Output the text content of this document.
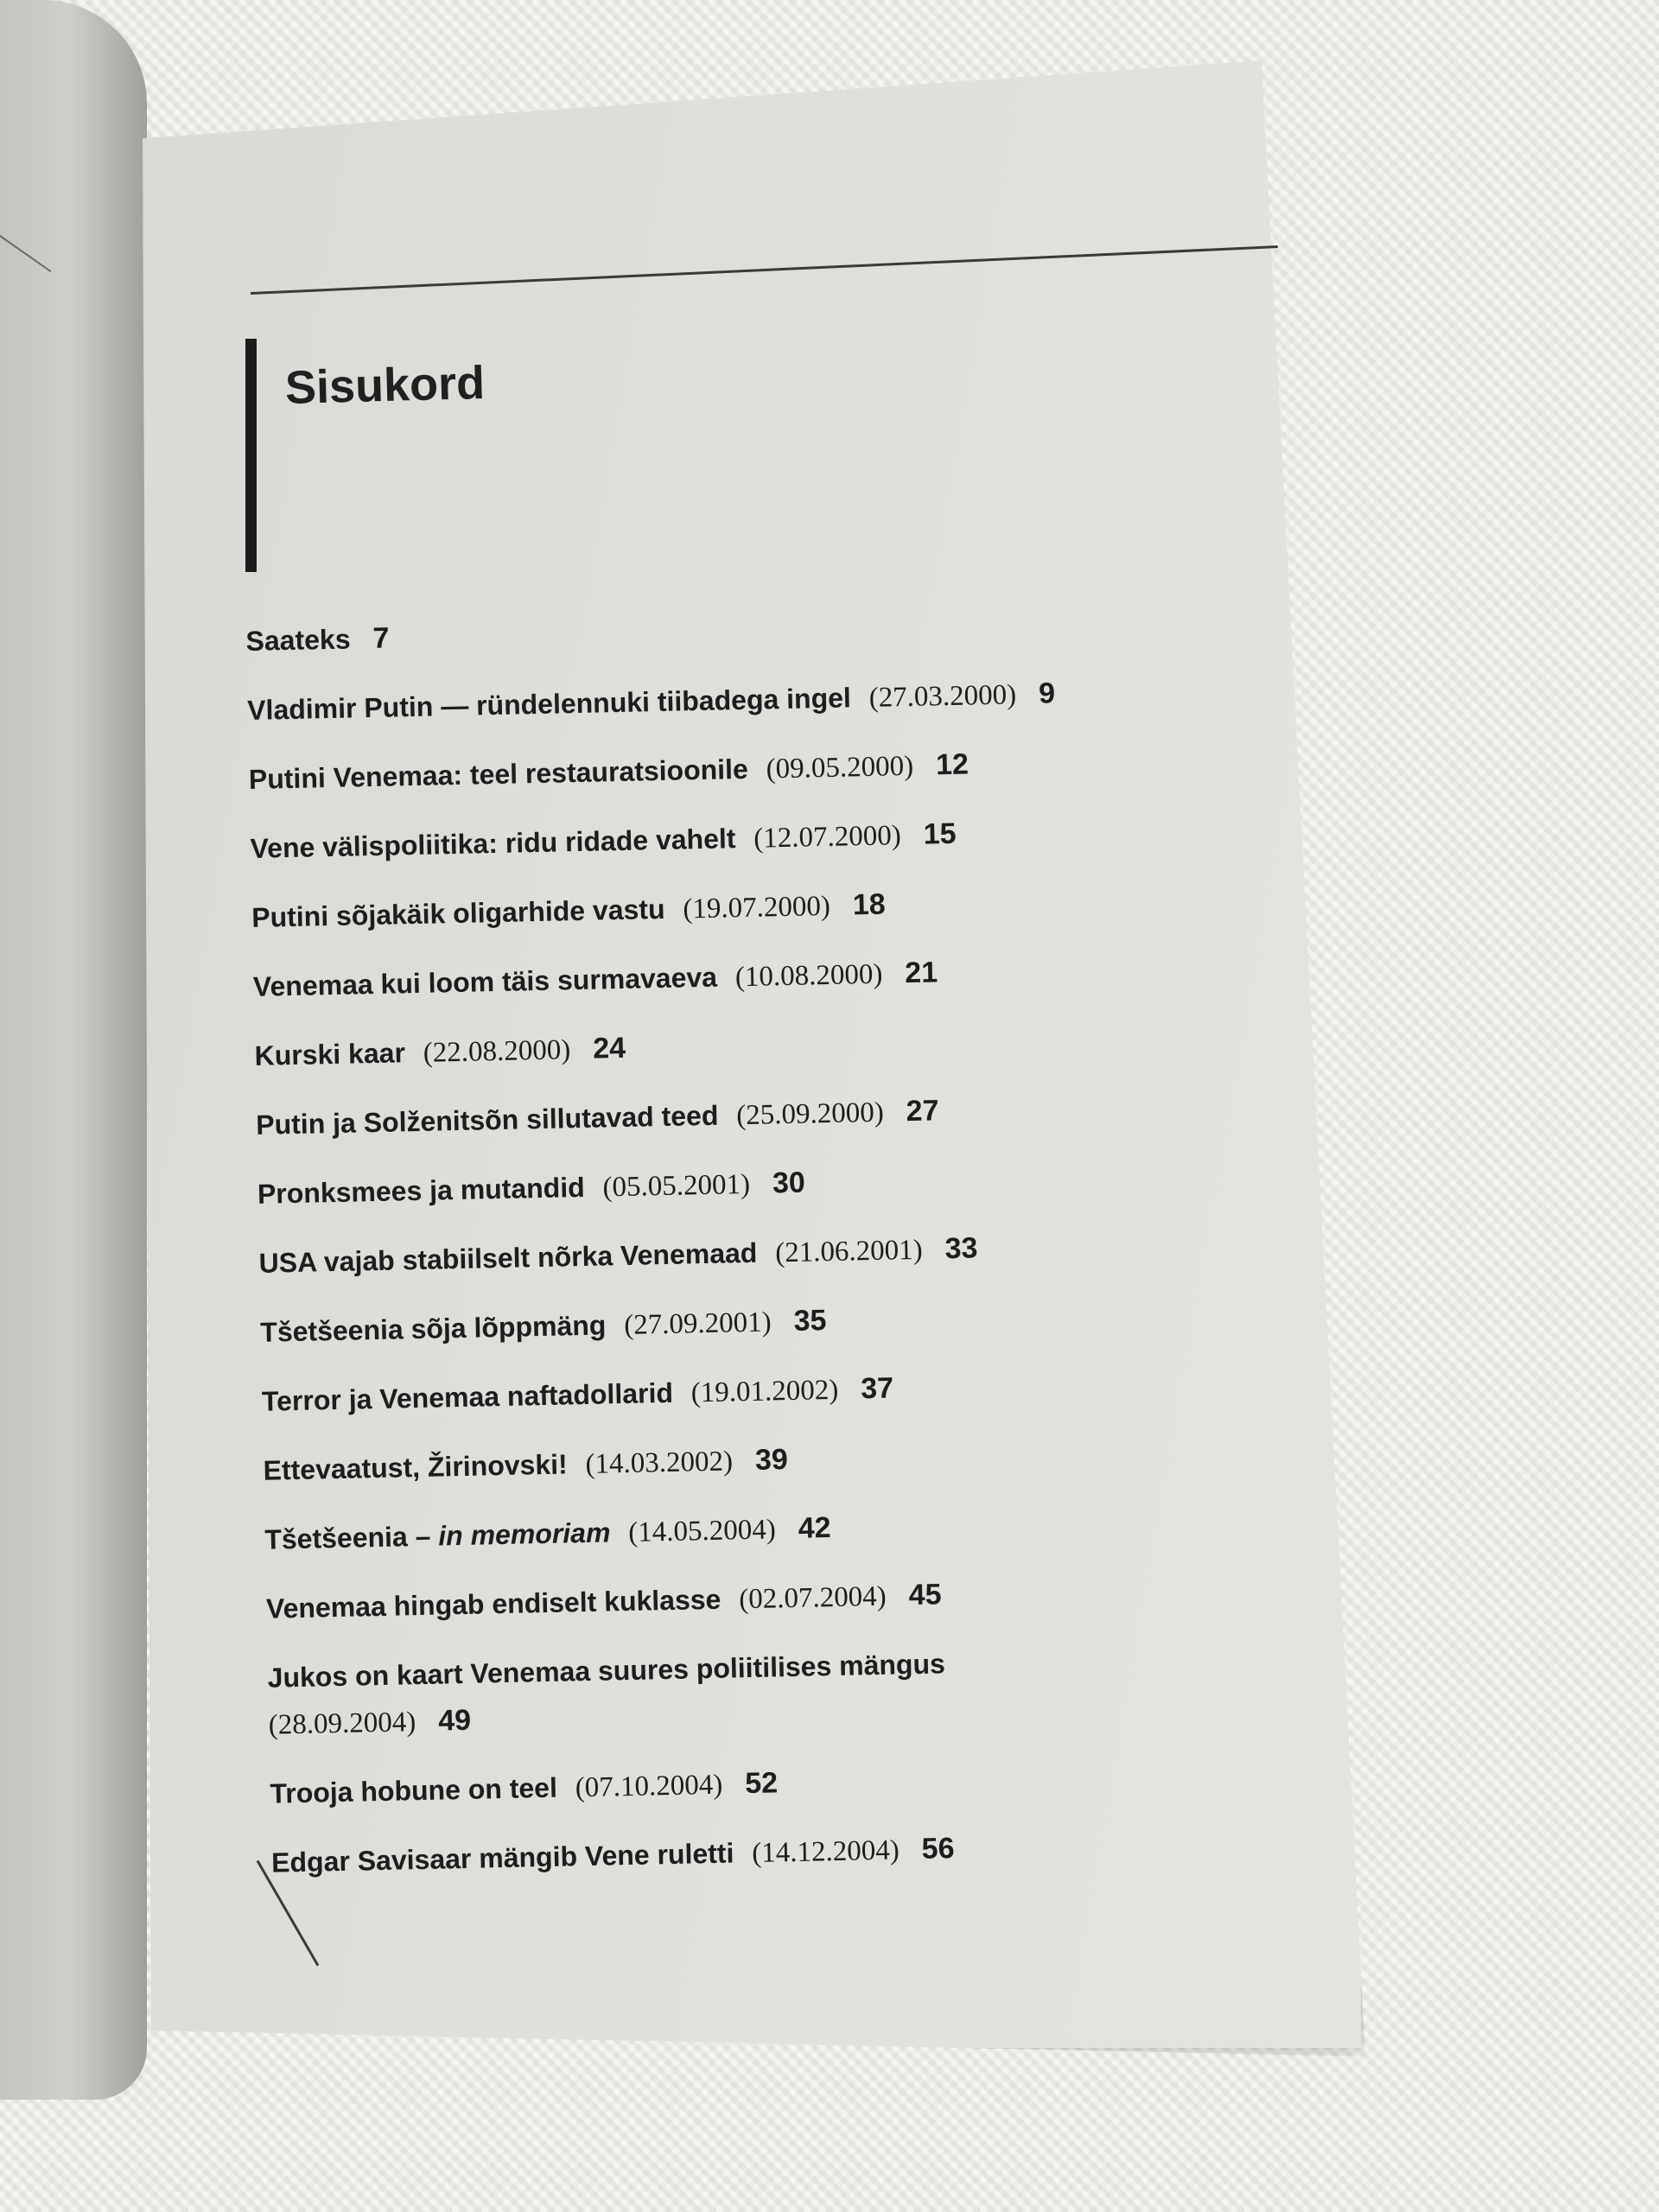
Sisukord
Saateks 7
Vladimir Putin — ründelennuki tiibadega ingel (27.03.2000) 9
Putini Venemaa: teel restauratsioonile (09.05.2000) 12
Vene välispoliitika: ridu ridade vahelt (12.07.2000) 15
Putini sõjakäik oligarhide vastu (19.07.2000) 18
Venemaa kui loom täis surmavaeva (10.08.2000) 21
Kurski kaar (22.08.2000) 24
Putin ja Solženitsõn sillutavad teed (25.09.2000) 27
Pronksmees ja mutandid (05.05.2001) 30
USA vajab stabiilselt nõrka Venemaad (21.06.2001) 33
Tšetšeenia sõja lõppmäng (27.09.2001) 35
Terror ja Venemaa naftadollarid (19.01.2002) 37
Ettevaatust, Žirinovski! (14.03.2002) 39
Tšetšeenia – in memoriam (14.05.2004) 42
Venemaa hingab endiselt kuklasse (02.07.2004) 45
Jukos on kaart Venemaa suures poliitilises mängus
(28.09.2004) 49
Trooja hobune on teel (07.10.2004) 52
Edgar Savisaar mängib Vene ruletti (14.12.2004) 56
